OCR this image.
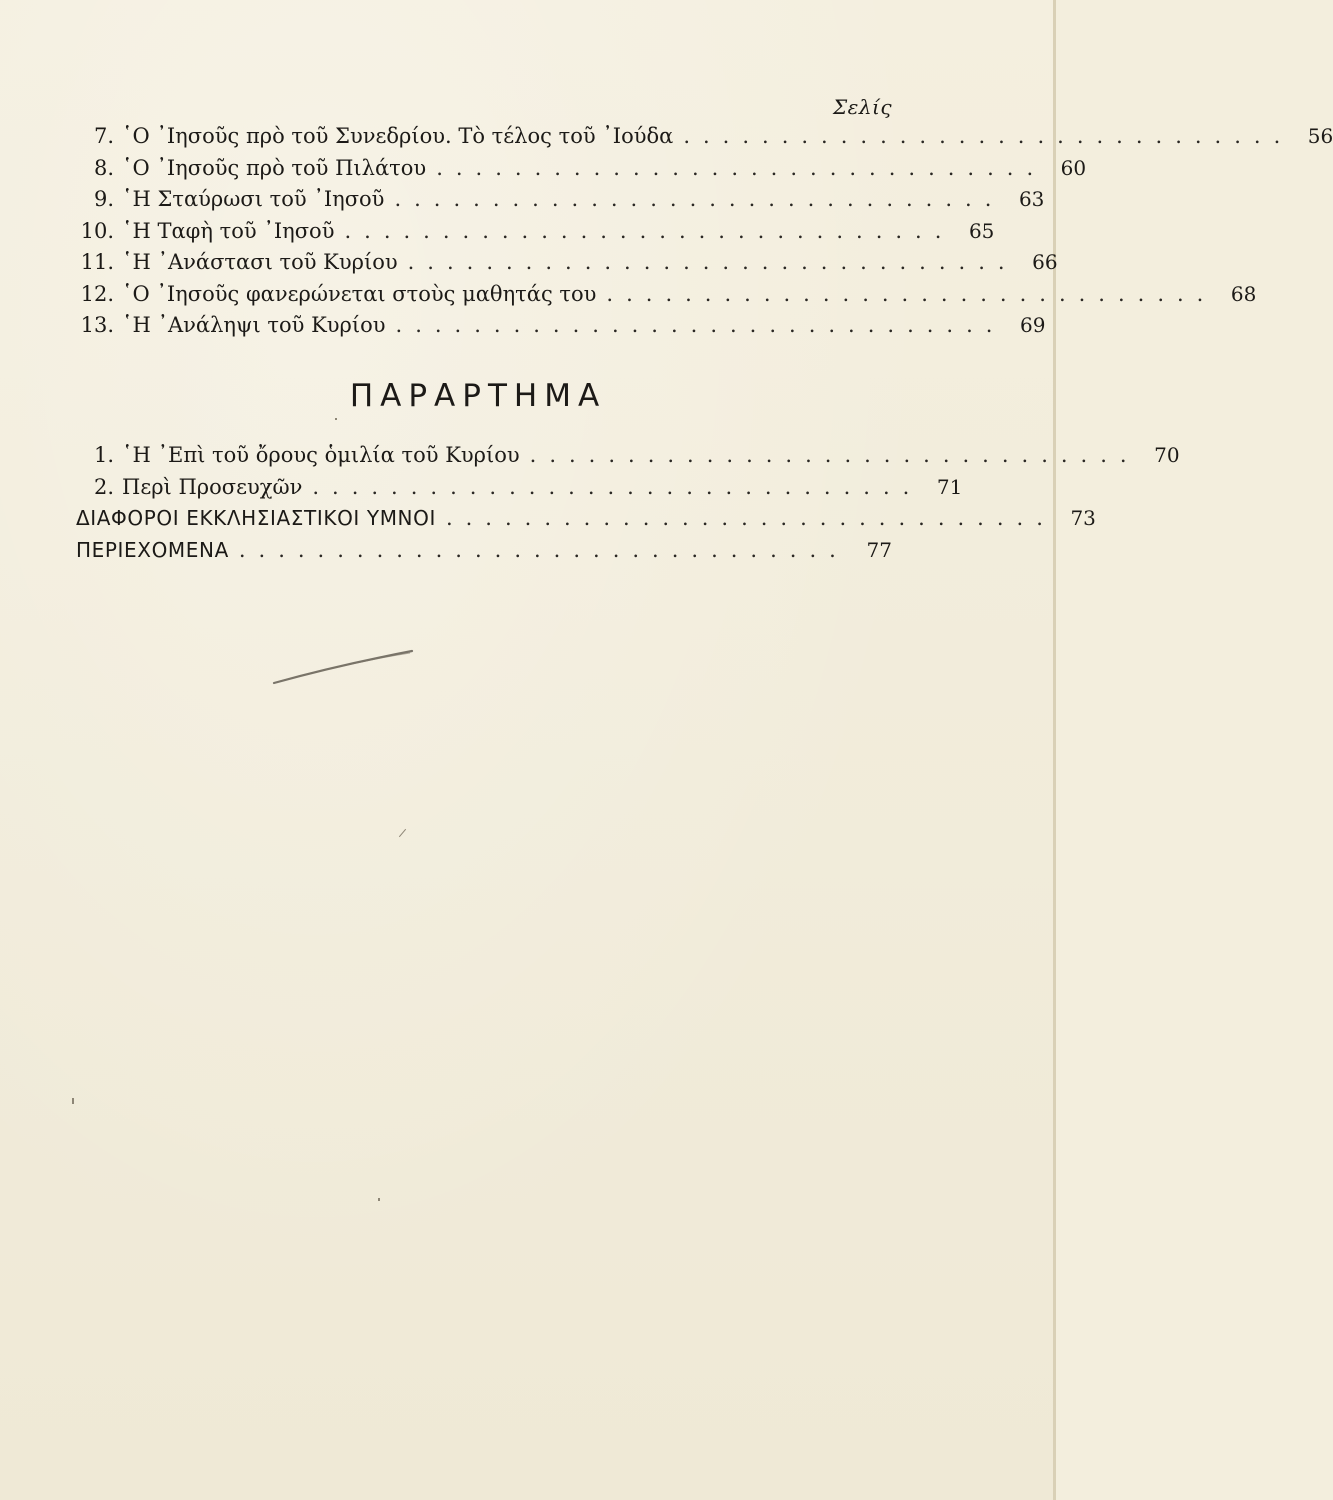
Σελίς
7. ῾Ο ᾿Ιησοῦς πρὸ τοῦ Συνεδρίου. Τὸ τέλος τοῦ ᾿Ιούδα ............................... 56
8. ῾Ο ᾿Ιησοῦς πρὸ τοῦ Πιλάτου ............................... 60
9. ῾Η Σταύρωσι τοῦ ᾿Ιησοῦ ............................... 63
10. ῾Η Ταφὴ τοῦ ᾿Ιησοῦ ............................... 65
11. ῾Η ᾿Ανάστασι τοῦ Κυρίου ............................... 66
12. ῾Ο ᾿Ιησοῦς φανερώνεται στοὺς μαθητάς του ............................... 68
13. ῾Η ᾿Ανάληψι τοῦ Κυρίου ............................... 69
ΠΑΡΑΡΤΗΜΑ
1. ῾Η ᾿Επὶ τοῦ ὄρους ὁμιλία τοῦ Κυρίου ............................... 70
2. Περὶ Προσευχῶν ............................... 71
ΔΙΑΦΟΡΟΙ ΕΚΚΛΗΣΙΑΣΤΙΚΟΙ ΥΜΝΟΙ ............................... 73
ΠΕΡΙΕΧΟΜΕΝΑ ............................... 77
